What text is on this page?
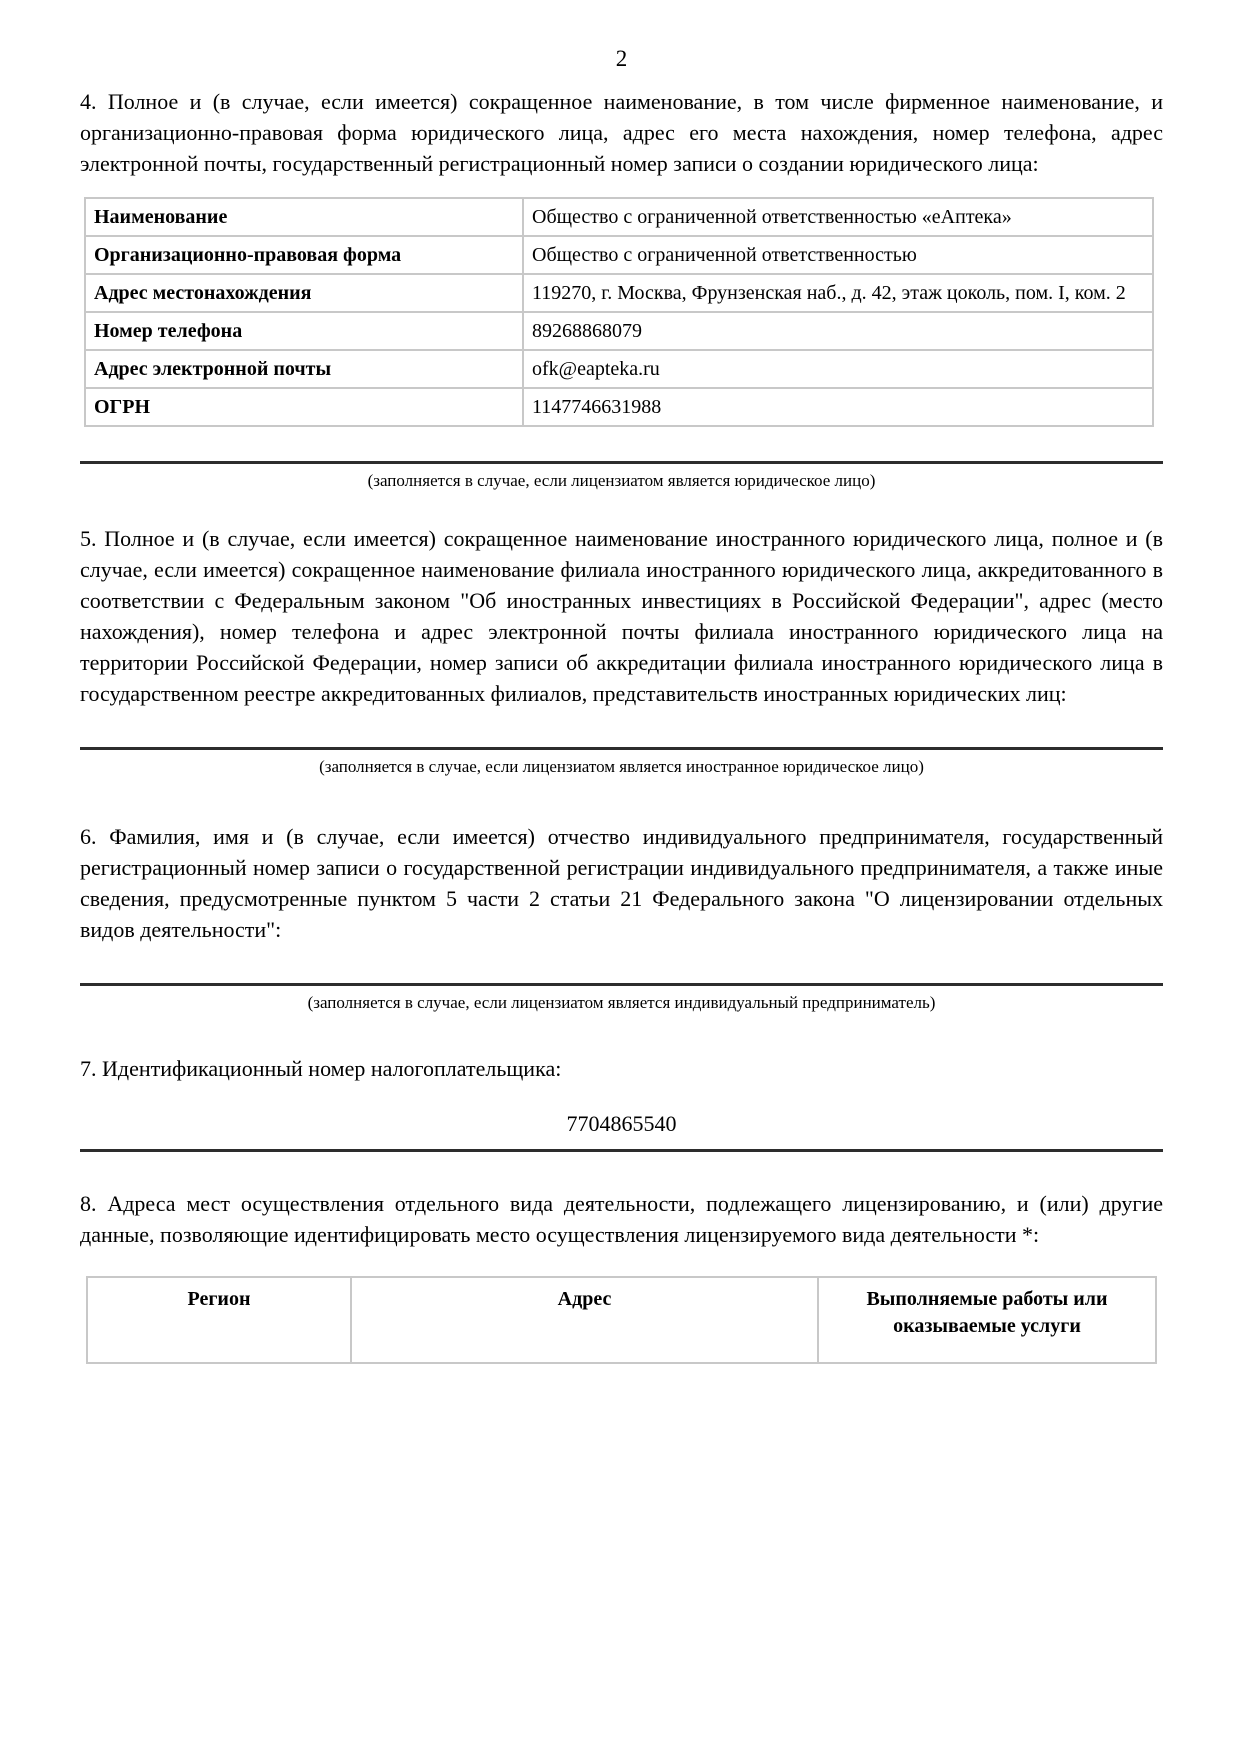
2

4. Полное и (в случае, если имеется) сокращенное наименование, в том числе фирменное наименование, и организационно-правовая форма юридического лица, адрес его места нахождения, номер телефона, адрес электронной почты, государственный регистрационный номер записи о создании юридического лица:

Наименование	Общество с ограниченной ответственностью «еАптека»
Организационно-правовая форма	Общество с ограниченной ответственностью
Адрес местонахождения	119270, г. Москва, Фрунзенская наб., д. 42, этаж цоколь, пом. I, ком. 2
Номер телефона	89268868079
Адрес электронной почты	ofk@eapteka.ru
ОГРН	1147746631988
(заполняется в случае, если лицензиатом является юридическое лицо)

5. Полное и (в случае, если имеется) сокращенное наименование иностранного юридического лица, полное и (в случае, если имеется) сокращенное наименование филиала иностранного юридического лица, аккредитованного в соответствии с Федеральным законом "Об иностранных инвестициях в Российской Федерации", адрес (место нахождения), номер телефона и адрес электронной почты филиала иностранного юридического лица на территории Российской Федерации, номер записи об аккредитации филиала иностранного юридического лица в государственном реестре аккредитованных филиалов, представительств иностранных юридических лиц:

(заполняется в случае, если лицензиатом является иностранное юридическое лицо)

6. Фамилия, имя и (в случае, если имеется) отчество индивидуального предпринимателя, государственный регистрационный номер записи о государственной регистрации индивидуального предпринимателя, а также иные сведения, предусмотренные пунктом 5 части 2 статьи 21 Федерального закона "О лицензировании отдельных видов деятельности":

(заполняется в случае, если лицензиатом является индивидуальный предприниматель)

7. Идентификационный номер налогоплательщика:

7704865540

8. Адреса мест осуществления отдельного вида деятельности, подлежащего лицензированию, и (или) другие данные, позволяющие идентифицировать место осуществления лицензируемого вида деятельности *:

Регион	Адрес	Выполняемые работы или оказываемые услуги
